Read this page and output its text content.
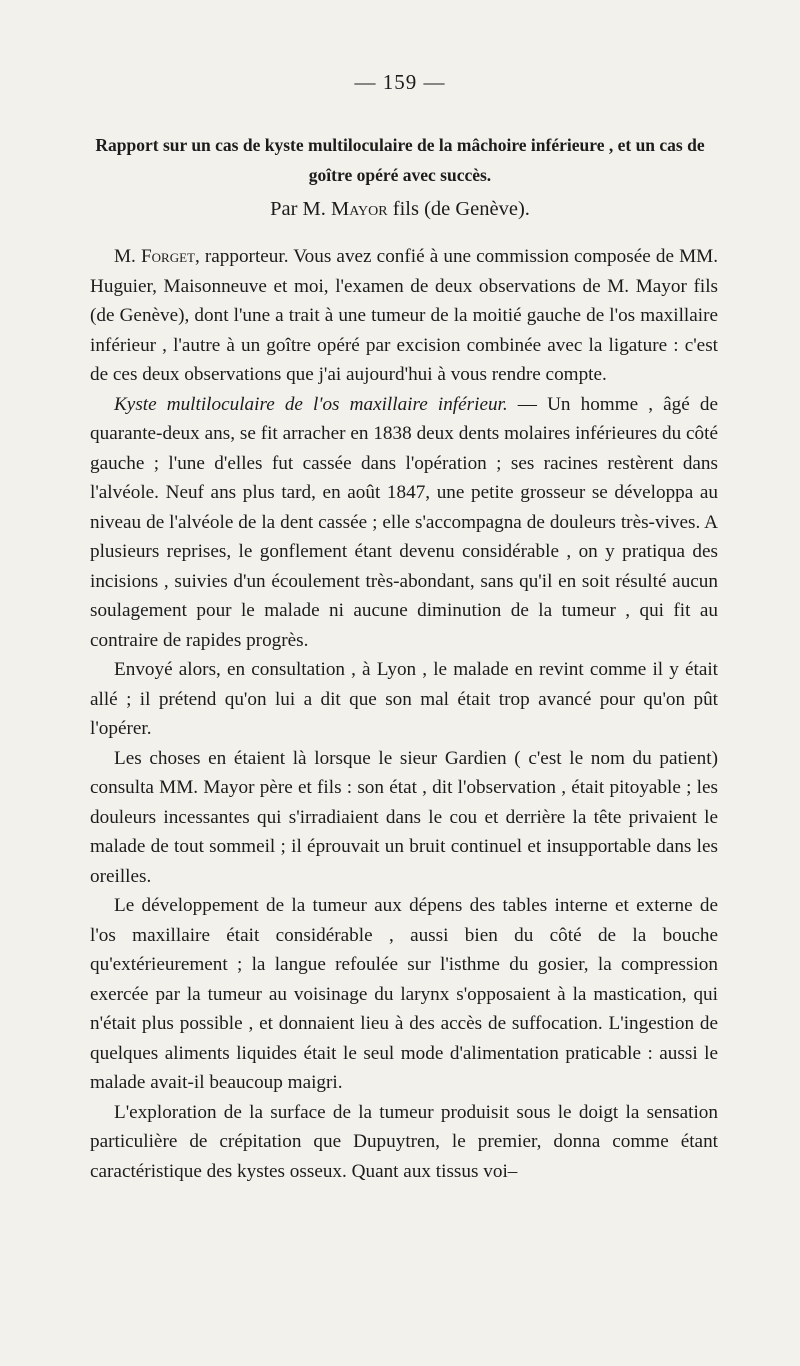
— 159 —
Rapport sur un cas de kyste multiloculaire de la mâchoire inférieure , et un cas de goître opéré avec succès.
Par M. Mayor fils (de Genève).

M. Forget, rapporteur. Vous avez confié à une commission composée de MM. Huguier, Maisonneuve et moi, l'examen de deux observations de M. Mayor fils (de Genève), dont l'une a trait à une tumeur de la moitié gauche de l'os maxillaire inférieur , l'autre à un goître opéré par excision combinée avec la ligature : c'est de ces deux observations que j'ai aujourd'hui à vous rendre compte.

Kyste multiloculaire de l'os maxillaire inférieur. — Un homme , âgé de quarante-deux ans, se fit arracher en 1838 deux dents molaires inférieures du côté gauche ; l'une d'elles fut cassée dans l'opération ; ses racines restèrent dans l'alvéole. Neuf ans plus tard, en août 1847, une petite grosseur se développa au niveau de l'alvéole de la dent cassée ; elle s'accompagna de douleurs très-vives. A plusieurs reprises, le gonflement étant devenu considérable , on y pratiqua des incisions , suivies d'un écoulement très-abondant, sans qu'il en soit résulté aucun soulagement pour le malade ni aucune diminution de la tumeur , qui fit au contraire de rapides progrès.

Envoyé alors, en consultation , à Lyon , le malade en revint comme il y était allé ; il prétend qu'on lui a dit que son mal était trop avancé pour qu'on pût l'opérer.

Les choses en étaient là lorsque le sieur Gardien ( c'est le nom du patient) consulta MM. Mayor père et fils : son état , dit l'observation , était pitoyable ; les douleurs incessantes qui s'irradiaient dans le cou et derrière la tête privaient le malade de tout sommeil ; il éprouvait un bruit continuel et insupportable dans les oreilles.

Le développement de la tumeur aux dépens des tables interne et externe de l'os maxillaire était considérable , aussi bien du côté de la bouche qu'extérieurement ; la langue refoulée sur l'isthme du gosier, la compression exercée par la tumeur au voisinage du larynx s'opposaient à la mastication, qui n'était plus possible , et donnaient lieu à des accès de suffocation. L'ingestion de quelques aliments liquides était le seul mode d'alimentation praticable : aussi le malade avait-il beaucoup maigri.

L'exploration de la surface de la tumeur produisit sous le doigt la sensation particulière de crépitation que Dupuytren, le premier, donna comme étant caractéristique des kystes osseux. Quant aux tissus voi–
